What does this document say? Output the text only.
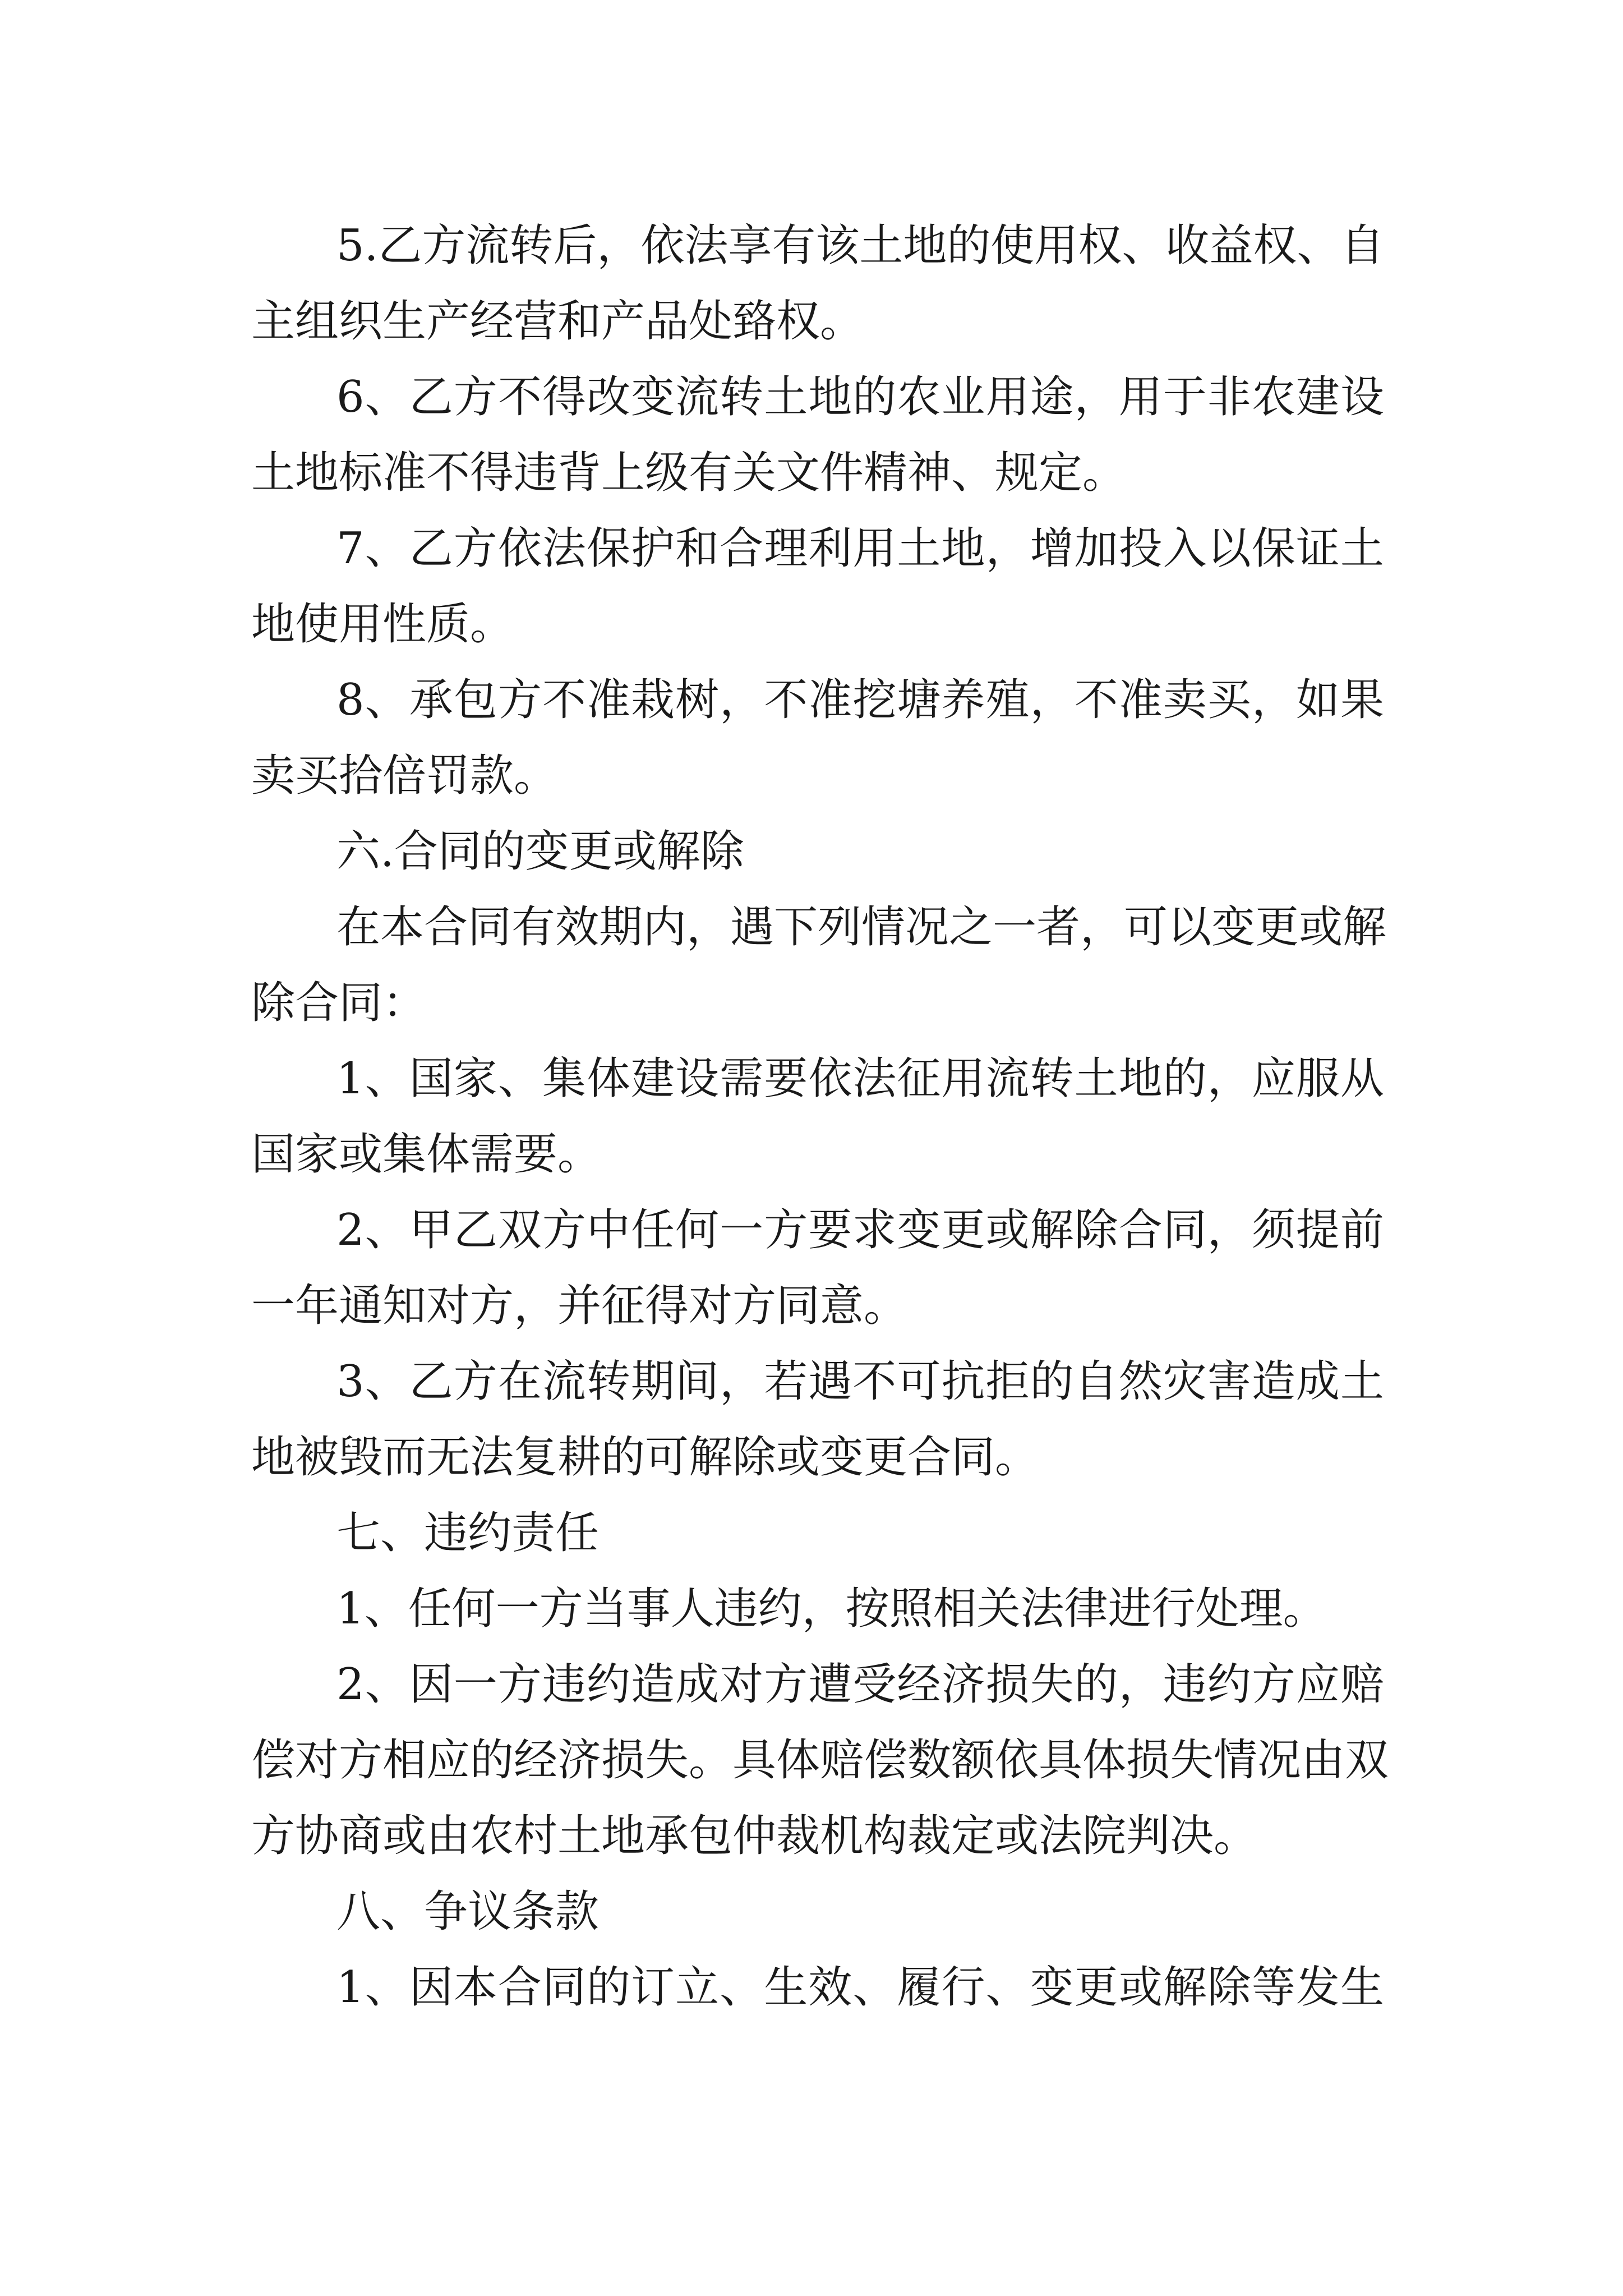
5.乙方流转后，依法享有该土地的使用权、收益权、自

主组织生产经营和产品处臵权。

6、乙方不得改变流转土地的农业用途，用于非农建设

土地标准不得违背上级有关文件精神、规定。

7、乙方依法保护和合理利用土地，增加投入以保证土

地使用性质。

8、承包方不准栽树，不准挖塘养殖，不准卖买，如果

卖买拾倍罚款。

六.合同的变更或解除

在本合同有效期内，遇下列情况之一者，可以变更或解

除合同：

1、国家、集体建设需要依法征用流转土地的，应服从

国家或集体需要。

2、甲乙双方中任何一方要求变更或解除合同，须提前

一年通知对方，并征得对方同意。

3、乙方在流转期间，若遇不可抗拒的自然灾害造成土

地被毁而无法复耕的可解除或变更合同。

七、违约责任

1、任何一方当事人违约，按照相关法律进行处理。

2、因一方违约造成对方遭受经济损失的，违约方应赔

偿对方相应的经济损失。具体赔偿数额依具体损失情况由双

方协商或由农村土地承包仲裁机构裁定或法院判决。

八、争议条款

1、因本合同的订立、生效、履行、变更或解除等发生
